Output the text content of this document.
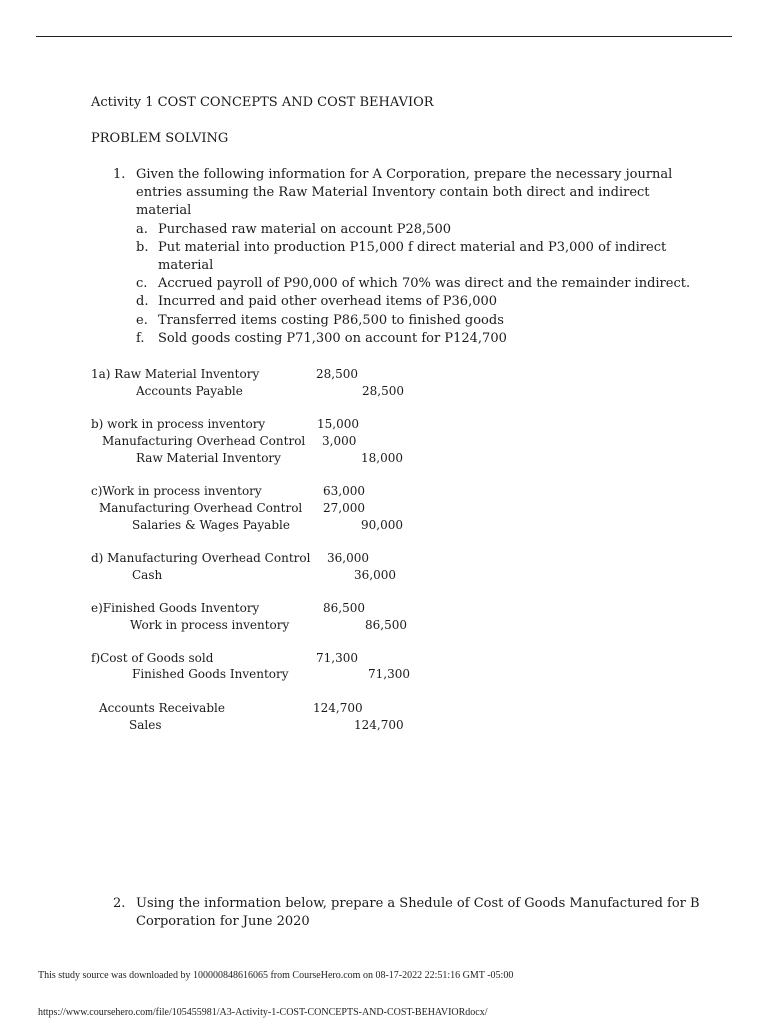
Activity 1 COST CONCEPTS AND COST BEHAVIOR
PROBLEM SOLVING
1. Given the following information for A Corporation, prepare the necessary journal
entries assuming the Raw Material Inventory contain both direct and indirect
material
a. Purchased raw material on account P28,500
b. Put material into production P15,000 f direct material and P3,000 of indirect
material
c. Accrued payroll of P90,000 of which 70% was direct and the remainder indirect.
d. Incurred and paid other overhead items of P36,000
e. Transferred items costing P86,500 to finished goods
f. Sold goods costing P71,300 on account for P124,700
1a) Raw Material Inventory	28,500
Accounts Payable	28,500
b) work in process inventory	15,000
Manufacturing Overhead Control 3,000
Raw Material Inventory	18,000
c)Work in process inventory	63,000
Manufacturing Overhead Control 27,000
Salaries & Wages Payable	90,000
d) Manufacturing Overhead Control 36,000
Cash	36,000
e)Finished Goods Inventory	86,500
Work in process inventory	86,500
f)Cost of Goods sold	71,300
Finished Goods Inventory	71,300
Accounts Receivable	124,700
Sales	124,700
2. Using the information below, prepare a Shedule of Cost of Goods Manufactured for B
Corporation for June 2020
This study source was downloaded by 100000848616065 from CourseHero.com on 08-17-2022 22:51:16 GMT -05:00
https://www.coursehero.com/file/105455981/A3-Activity-1-COST-CONCEPTS-AND-COST-BEHAVIORdocx/
